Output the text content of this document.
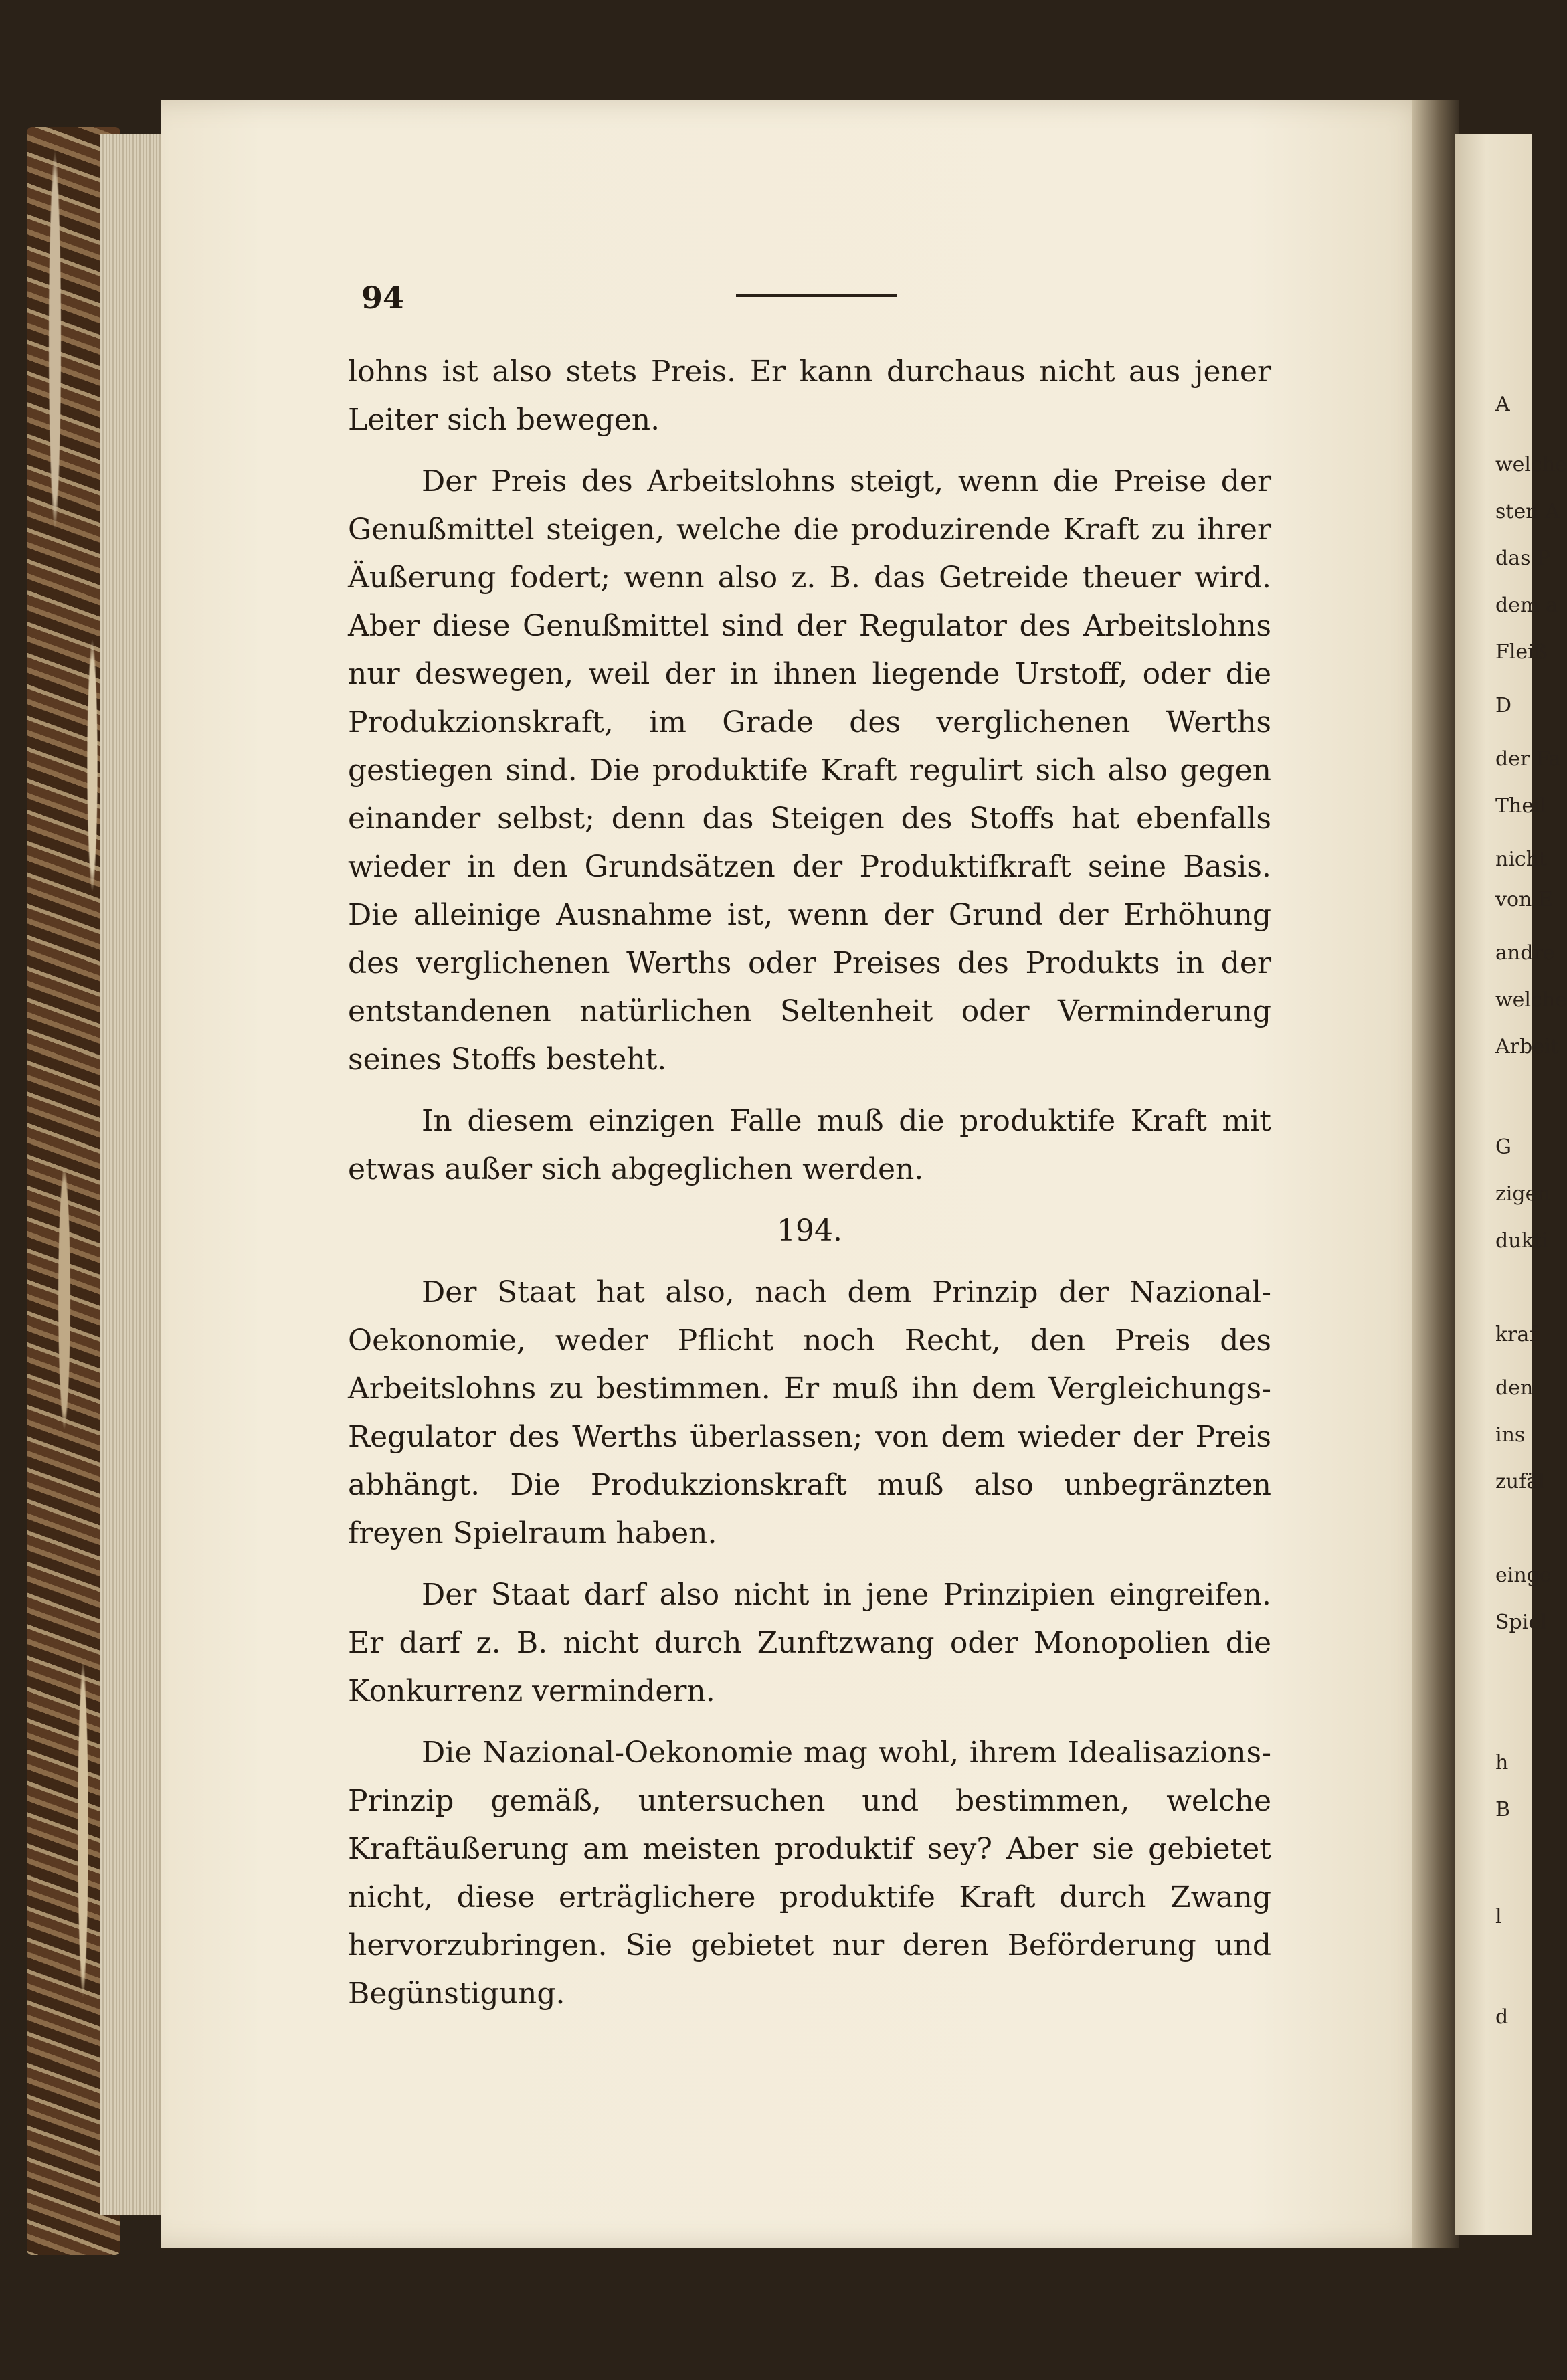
A
welche
sten A
das P
dem a
Fleiß
D
der Fa
Theil
nicht
von E
andre
welche
Arbeit
G
zigen
dukti
kraf
den
ins
zufäl
einge
Spiel
h
B
l
d
94

lohns ist also stets Preis. Er kann durchaus nicht aus jener Leiter sich bewegen.

Der Preis des Arbeitslohns steigt, wenn die Preise der Genußmittel steigen, welche die produzirende Kraft zu ihrer Äußerung fodert; wenn also z. B. das Getreide theuer wird. Aber diese Genußmittel sind der Regulator des Arbeitslohns nur deswegen, weil der in ihnen liegende Urstoff, oder die Produkzionskraft, im Grade des verglichenen Werths gestiegen sind. Die produktife Kraft regulirt sich also gegen einander selbst; denn das Steigen des Stoffs hat ebenfalls wieder in den Grundsätzen der Produktifkraft seine Basis. Die alleinige Ausnahme ist, wenn der Grund der Erhöhung des verglichenen Werths oder Preises des Produkts in der entstandenen natürlichen Seltenheit oder Verminderung seines Stoffs besteht.

In diesem einzigen Falle muß die produktife Kraft mit etwas außer sich abgeglichen werden.

194.

Der Staat hat also, nach dem Prinzip der Nazional-Oekonomie, weder Pflicht noch Recht, den Preis des Arbeitslohns zu bestimmen. Er muß ihn dem Vergleichungs-Regulator des Werths überlassen; von dem wieder der Preis abhängt. Die Produkzionskraft muß also unbegränzten freyen Spielraum haben.

Der Staat darf also nicht in jene Prinzipien eingreifen. Er darf z. B. nicht durch Zunftzwang oder Monopolien die Konkurrenz vermindern.

Die Nazional-Oekonomie mag wohl, ihrem Idealisazions-Prinzip gemäß, untersuchen und bestimmen, welche Kraftäußerung am meisten produktif sey? Aber sie gebietet nicht, diese erträglichere produktife Kraft durch Zwang hervorzubringen. Sie gebietet nur deren Beförderung und Begünstigung.
